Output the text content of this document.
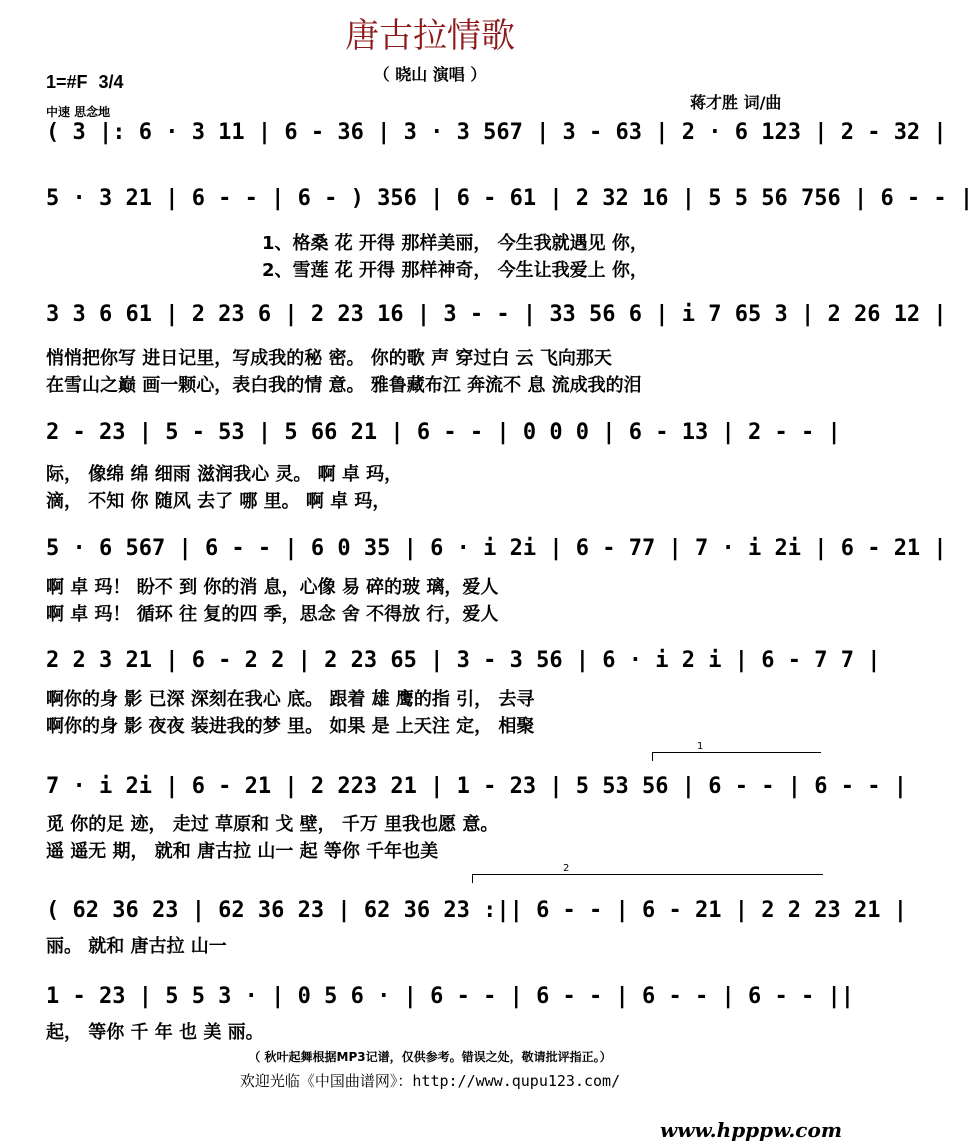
唐古拉情歌
（ 晓山 演唱 ）
1=#F 3/4
中速 思念地	蒋才胜 词/曲
( 3 |: 6 · 3 11 | 6 - 36 | 3 · 3 567 | 3 - 63 | 2 · 6 123 | 2 - 32 |
5 · 3 21 | 6 - - | 6 - ) 356 | 6 - 61 | 2 32 16 | 5 5 56 756 | 6 - - |
1、格桑 花 开得 那样美丽， 今生我就遇见 你，
2、雪莲 花 开得 那样神奇， 今生让我爱上 你，
3 3 6 61 | 2 23 6 | 2 23 16 | 3 - - | 33 56 6 | i 7 65 3 | 2 26 12 |
悄悄把你写 进日记里，写成我的秘 密。 你的歌 声 穿过白 云 飞向那天
在雪山之巅 画一颗心，表白我的情 意。 雅鲁藏布江 奔流不 息 流成我的泪
2 - 23 | 5 - 53 | 5 66 21 | 6 - - | 0 0 0 | 6 - 13 | 2 - - |
际， 像绵 绵 细雨 滋润我心 灵。 啊 卓 玛，
滴， 不知 你 随风 去了 哪 里。 啊 卓 玛，
5 · 6 567 | 6 - - | 6 0 35 | 6 · i 2i | 6 - 77 | 7 · i 2i | 6 - 21 |
啊 卓 玛！ 盼不 到 你的消 息，心像 易 碎的玻 璃，爱人
啊 卓 玛！ 循环 往 复的四 季，思念 舍 不得放 行，爱人
2 2 3 21 | 6 - 2 2 | 2 23 65 | 3 - 3 56 | 6 · i 2 i | 6 - 7 7 |
啊你的身 影 已深 深刻在我心 底。 跟着 雄 鹰的指 引， 去寻
啊你的身 影 夜夜 装进我的梦 里。 如果 是 上天注 定， 相聚
1
7 · i 2i | 6 - 21 | 2 223 21 | 1 - 23 | 5 53 56 | 6 - - | 6 - - |
觅 你的足 迹， 走过 草原和 戈 壁， 千万 里我也愿 意。
遥 遥无 期， 就和 唐古拉 山一 起 等你 千年也美
2
( 62 36 23 | 62 36 23 | 62 36 23 :|| 6 - - | 6 - 21 | 2 2 23 21 |
丽。 就和 唐古拉 山一
1 - 23 | 5 5 3 · | 0 5 6 · | 6 - - | 6 - - | 6 - - | 6 - - ||
起， 等你 千 年 也 美 丽。
（ 秋叶起舞根据MP3记谱，仅供参考。错误之处，敬请批评指正。）
欢迎光临《中国曲谱网》：http://www.qupu123.com/
www.hpppw.com
